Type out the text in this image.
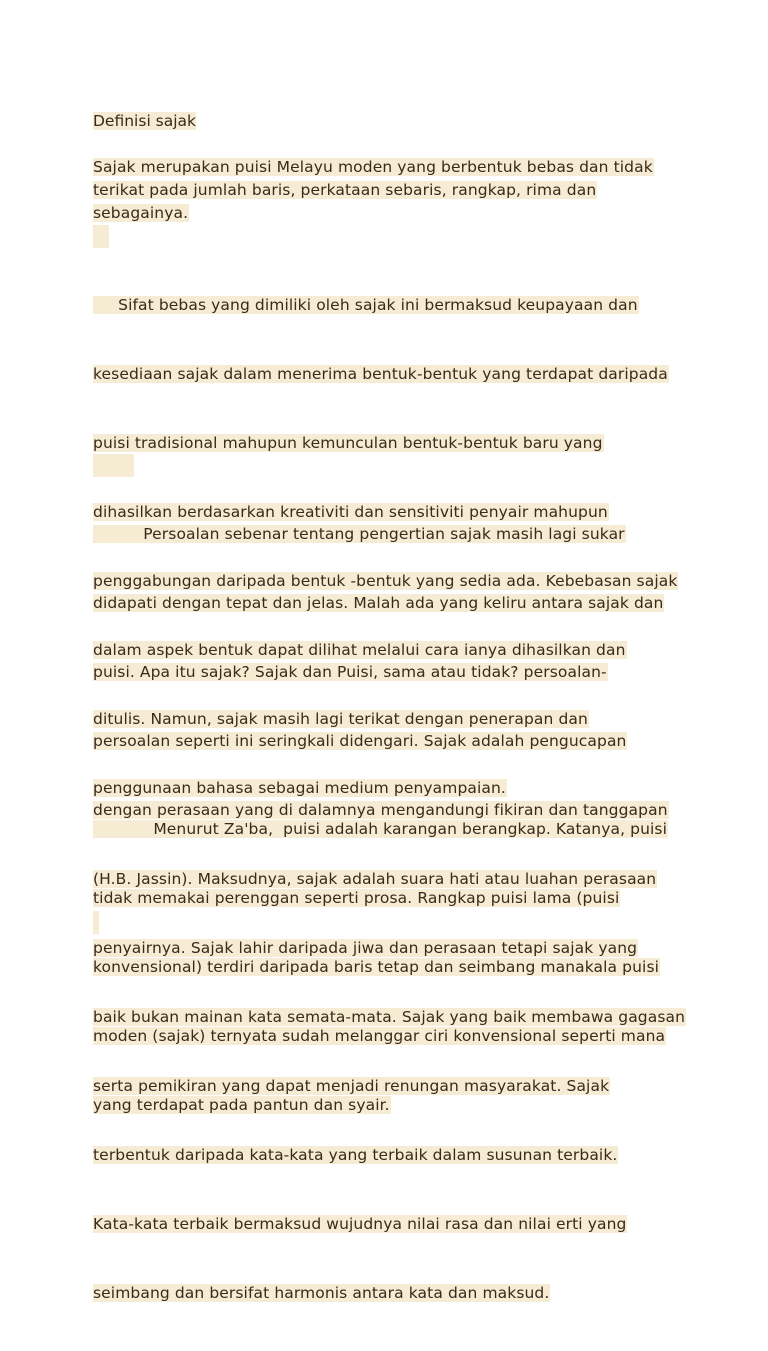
Definisi sajak
Sajak merupakan puisi Melayu moden yang berbentuk bebas dan tidak
terikat pada jumlah baris, perkataan sebaris, rangkap, rima dan
sebagainya.

Sifat bebas yang dimiliki oleh sajak ini bermaksud keupayaan dan

kesediaan sajak dalam menerima bentuk-bentuk yang terdapat daripada

puisi tradisional mahupun kemunculan bentuk-bentuk baru yang

dihasilkan berdasarkan kreativiti dan sensitiviti penyair mahupun

penggabungan daripada bentuk -bentuk yang sedia ada. Kebebasan sajak

dalam aspek bentuk dapat dilihat melalui cara ianya dihasilkan dan

ditulis. Namun, sajak masih lagi terikat dengan penerapan dan

penggunaan bahasa sebagai medium penyampaian.

Persoalan sebenar tentang pengertian sajak masih lagi sukar

didapati dengan tepat dan jelas. Malah ada yang keliru antara sajak dan

puisi. Apa itu sajak? Sajak dan Puisi, sama atau tidak? persoalan-

persoalan seperti ini seringkali didengari. Sajak adalah pengucapan

dengan perasaan yang di dalamnya mengandungi fikiran dan tanggapan

(H.B. Jassin). Maksudnya, sajak adalah suara hati atau luahan perasaan

penyairnya. Sajak lahir daripada jiwa dan perasaan tetapi sajak yang

baik bukan mainan kata semata-mata. Sajak yang baik membawa gagasan

serta pemikiran yang dapat menjadi renungan masyarakat. Sajak

terbentuk daripada kata-kata yang terbaik dalam susunan terbaik.

Kata-kata terbaik bermaksud wujudnya nilai rasa dan nilai erti yang

seimbang dan bersifat harmonis antara kata dan maksud.

Menurut Za'ba,  puisi adalah karangan berangkap. Katanya, puisi

tidak memakai perenggan seperti prosa. Rangkap puisi lama (puisi

konvensional) terdiri daripada baris tetap dan seimbang manakala puisi

moden (sajak) ternyata sudah melanggar ciri konvensional seperti mana

yang terdapat pada pantun dan syair.
